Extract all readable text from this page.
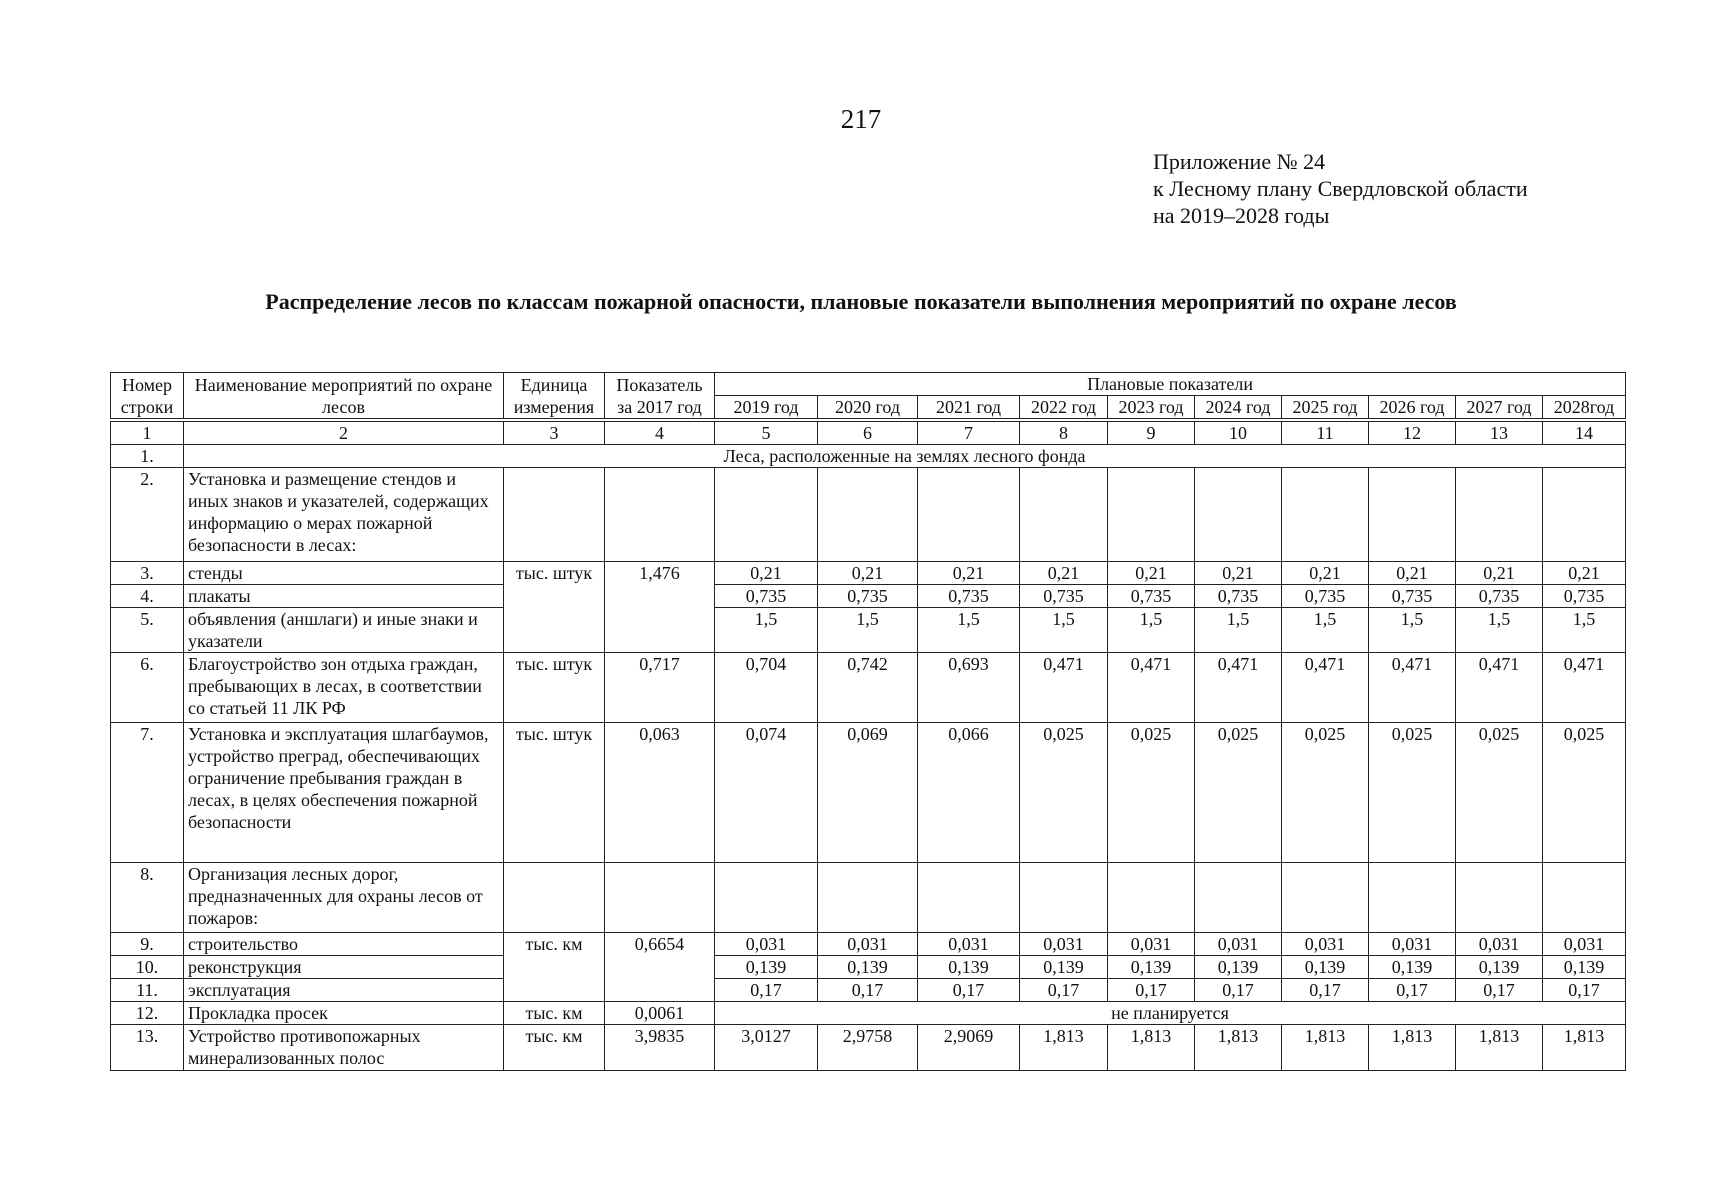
217
Приложение № 24
к Лесному плану Свердловской области
на 2019–2028 годы
Распределение лесов по классам пожарной опасности, плановые показатели выполнения мероприятий по охране лесов
Номер строки	Наименование мероприятий по охране лесов	Единица измерения	Показатель за 2017 год	Плановые показатели									
				2019 год	2020 год	2021 год	2022 год	2023 год	2024 год	2025 год	2026 год	2027 год	2028год

1	2	3	4	5	6	7	8	9	10	11	12	13	14
1.	Леса, расположенные на землях лесного фонда												
2.	Установка и размещение стендов и иных знаков и указателей, содержащих информацию о мерах пожарной безопасности в лесах:												
3.	стенды	тыс. штук	1,476	0,21	0,21	0,21	0,21	0,21	0,21	0,21	0,21	0,21	0,21
4.	плакаты			0,735	0,735	0,735	0,735	0,735	0,735	0,735	0,735	0,735	0,735
5.	объявления (аншлаги) и иные знаки и указатели			1,5	1,5	1,5	1,5	1,5	1,5	1,5	1,5	1,5	1,5
6.	Благоустройство зон отдыха граждан, пребывающих в лесах, в соответствии со статьей 11 ЛК РФ	тыс. штук	0,717	0,704	0,742	0,693	0,471	0,471	0,471	0,471	0,471	0,471	0,471
7.	Установка и эксплуатация шлагбаумов, устройство преград, обеспечивающих ограничение пребывания граждан в лесах, в целях обеспечения пожарной безопасности	тыс. штук	0,063	0,074	0,069	0,066	0,025	0,025	0,025	0,025	0,025	0,025	0,025
8.	Организация лесных дорог, предназначенных для охраны лесов от пожаров:												
9.	строительство	тыс. км	0,6654	0,031	0,031	0,031	0,031	0,031	0,031	0,031	0,031	0,031	0,031
10.	реконструкция			0,139	0,139	0,139	0,139	0,139	0,139	0,139	0,139	0,139	0,139
11.	эксплуатация			0,17	0,17	0,17	0,17	0,17	0,17	0,17	0,17	0,17	0,17
12.	Прокладка просек	тыс. км	0,0061	не планируется									
13.	Устройство противопожарных минерализованных полос	тыс. км	3,9835	3,0127	2,9758	2,9069	1,813	1,813	1,813	1,813	1,813	1,813	1,813
